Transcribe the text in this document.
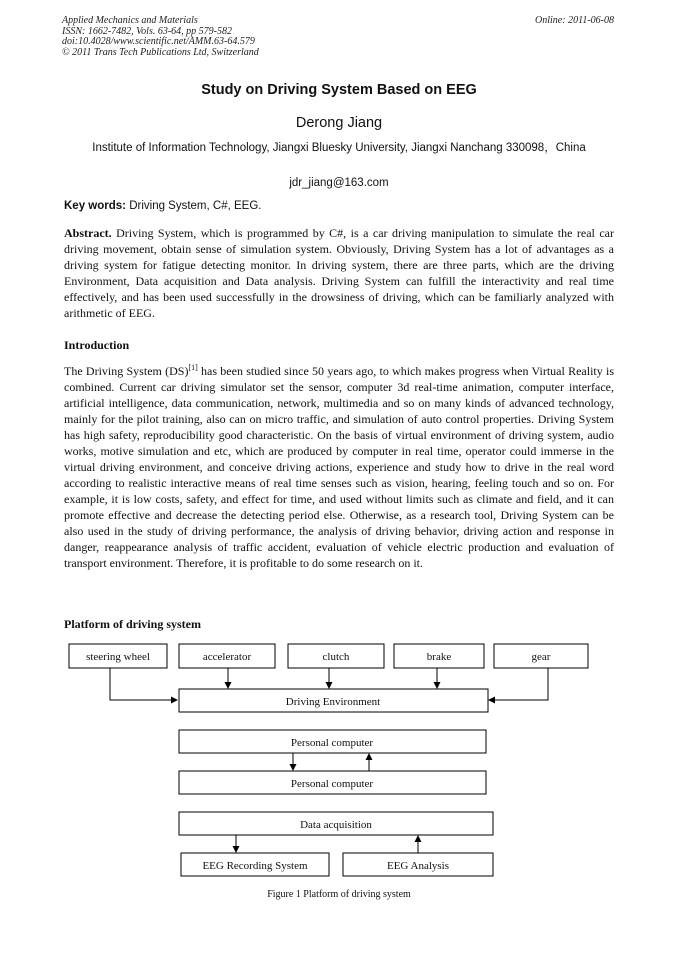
Applied Mechanics and Materials
ISSN: 1662-7482, Vols. 63-64, pp 579-582
doi:10.4028/www.scientific.net/AMM.63-64.579
© 2011 Trans Tech Publications Ltd, Switzerland
Online: 2011-06-08
Study on Driving System Based on EEG
Derong Jiang
Institute of Information Technology, Jiangxi Bluesky University, Jiangxi Nanchang 330098，China
jdr_jiang@163.com
Key words: Driving System, C#, EEG.
Abstract. Driving System, which is programmed by C#, is a car driving manipulation to simulate the real car driving movement, obtain sense of simulation system. Obviously, Driving System has a lot of advantages as a driving system for fatigue detecting monitor. In driving system, there are three parts, which are the driving Environment, Data acquisition and Data analysis. Driving System can fulfill the interactivity and real time effectively, and has been used successfully in the drowsiness of driving, which can be familiarly analyzed with arithmetic of EEG.
Introduction
The Driving System (DS)[1] has been studied since 50 years ago, to which makes progress when Virtual Reality is combined. Current car driving simulator set the sensor, computer 3d real-time animation, computer interface, artificial intelligence, data communication, network, multimedia and so on many kinds of advanced technology, mainly for the pilot training, also can on micro traffic, and simulation of auto control properties. Driving System has high safety, reproducibility good characteristic. On the basis of virtual environment of driving system, audio works, motive simulation and etc, which are produced by computer in real time, operator could immerse in the virtual driving environment, and conceive driving actions, experience and study how to drive in the real word according to realistic interactive means of real time senses such as vision, hearing, feeling touch and so on. For example, it is low costs, safety, and effect for time, and used without limits such as climate and field, and it can promote effective and decrease the detecting period else. Otherwise, as a research tool, Driving System can be also used in the study of driving performance, the analysis of driving behavior, driving action and response in danger, reappearance analysis of traffic accident, evaluation of vehicle electric production and evaluation of transport environment. Therefore, it is profitable to do some research on it.
Platform of driving system
steering wheel	accelerator	clutch	brake	gear
Driving Environment
Personal computer
Personal computer
Data acquisition
EEG Recording System	EEG Analysis
Figure 1 Platform of driving system
